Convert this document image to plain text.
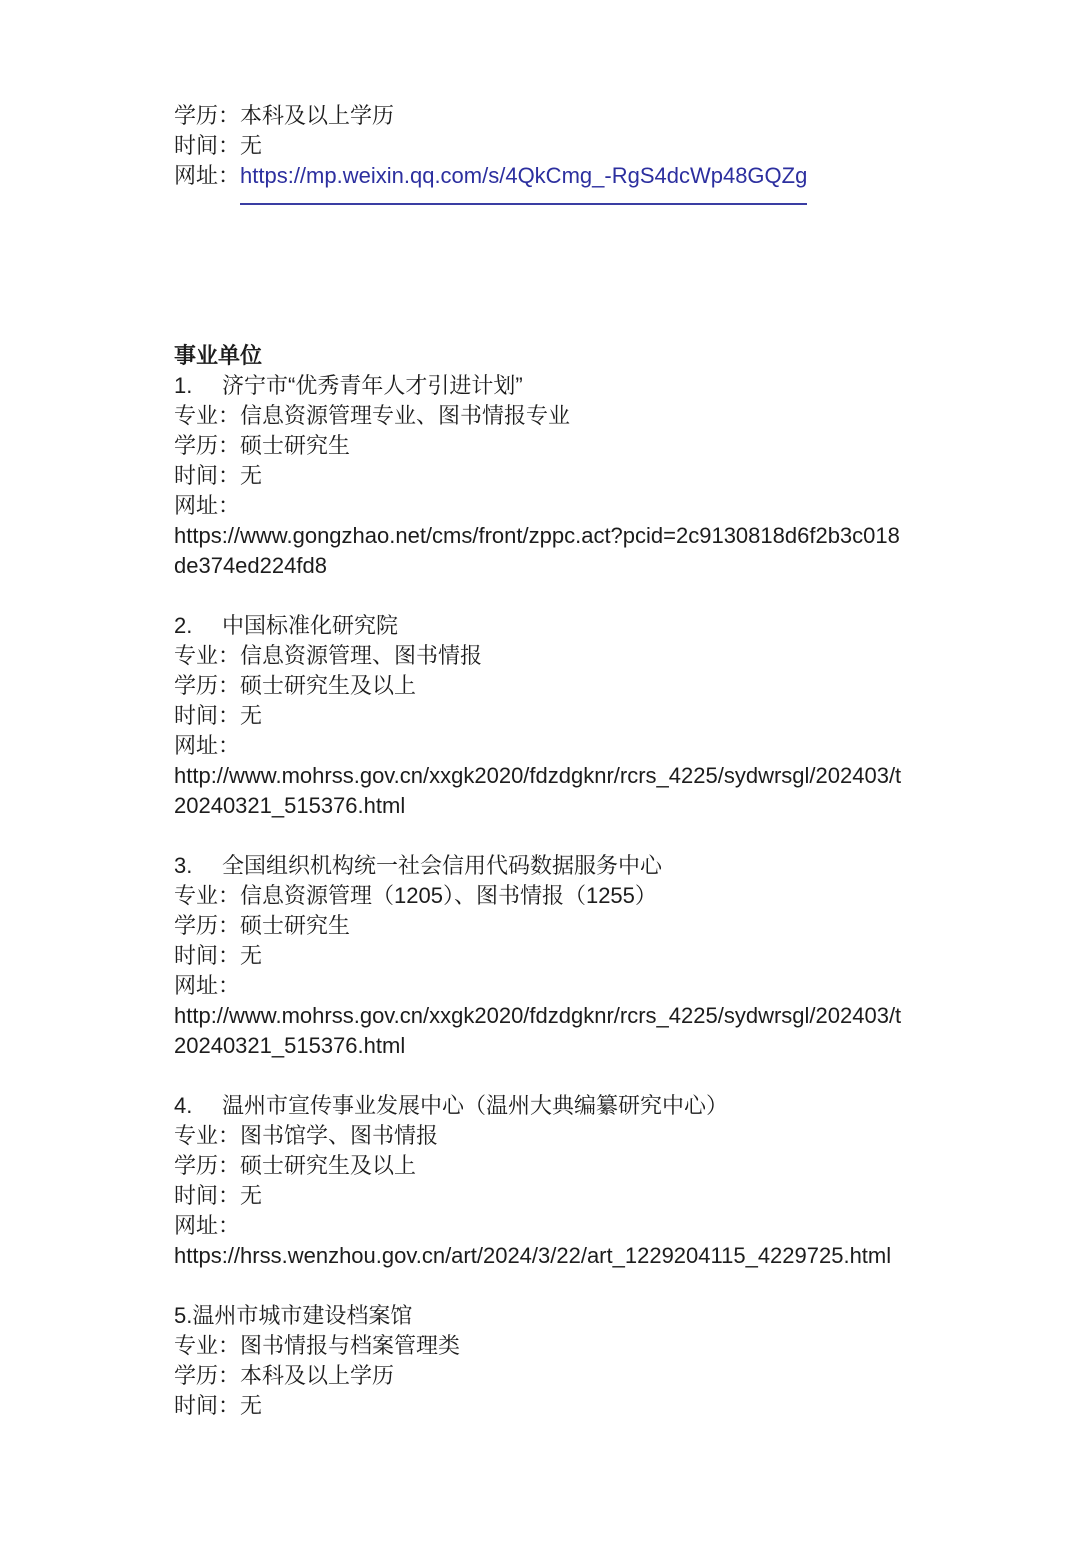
学历：本科及以上学历
时间：无
网址：https://mp.weixin.qq.com/s/4QkCmg_-RgS4dcWp48GQZg
事业单位
1. 济宁市“优秀青年人才引进计划”
专业：信息资源管理专业、图书情报专业
学历：硕士研究生
时间：无
网址：
https://www.gongzhao.net/cms/front/zppc.act?pcid=2c9130818d6f2b3c018
de374ed224fd8
2. 中国标准化研究院
专业：信息资源管理、图书情报
学历：硕士研究生及以上
时间：无
网址：
http://www.mohrss.gov.cn/xxgk2020/fdzdgknr/rcrs_4225/sydwrsgl/202403/t
20240321_515376.html
3. 全国组织机构统一社会信用代码数据服务中心
专业：信息资源管理（1205）、图书情报（1255）
学历：硕士研究生
时间：无
网址：
http://www.mohrss.gov.cn/xxgk2020/fdzdgknr/rcrs_4225/sydwrsgl/202403/t
20240321_515376.html
4. 温州市宣传事业发展中心（温州大典编纂研究中心）
专业：图书馆学、图书情报
学历：硕士研究生及以上
时间：无
网址：
https://hrss.wenzhou.gov.cn/art/2024/3/22/art_1229204115_4229725.html
5.温州市城市建设档案馆
专业：图书情报与档案管理类
学历：本科及以上学历
时间：无
